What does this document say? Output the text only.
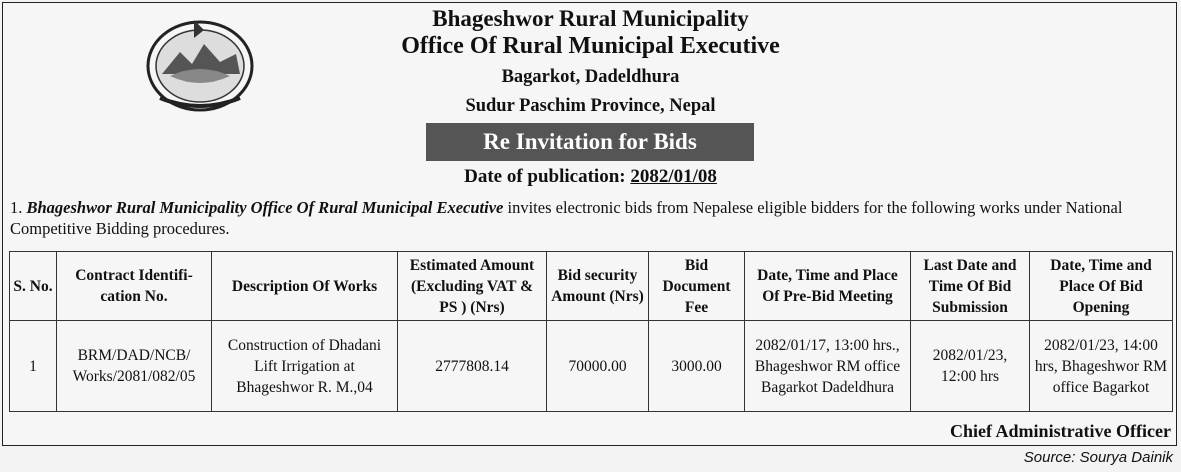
Bhageshwor Rural Municipality
Office Of Rural Municipal Executive
Bagarkot, Dadeldhura
Sudur Paschim Province, Nepal
Re Invitation for Bids
Date of publication: 2082/01/08
1. Bhageshwor Rural Municipality Office Of Rural Municipal Executive invites electronic bids from Nepalese eligible bidders for the following works under National Competitive Bidding procedures.
S. No.	Contract Identifi-cation No.	Description Of Works	Estimated Amount (Excluding VAT & PS ) (Nrs)	Bid security Amount (Nrs)	Bid Document Fee	Date, Time and Place Of Pre-Bid Meeting	Last Date and Time Of Bid Submission	Date, Time and Place Of Bid Opening
1	BRM/DAD/NCB/ Works/2081/082/05	Construction of Dhadani Lift Irrigation at Bhageshwor R. M.,04	2777808.14	70000.00	3000.00	2082/01/17, 13:00 hrs., Bhageshwor RM office Bagarkot Dadeldhura	2082/01/23, 12:00 hrs	2082/01/23, 14:00 hrs, Bhageshwor RM office Bagarkot
Chief Administrative Officer
Source: Sourya Dainik
